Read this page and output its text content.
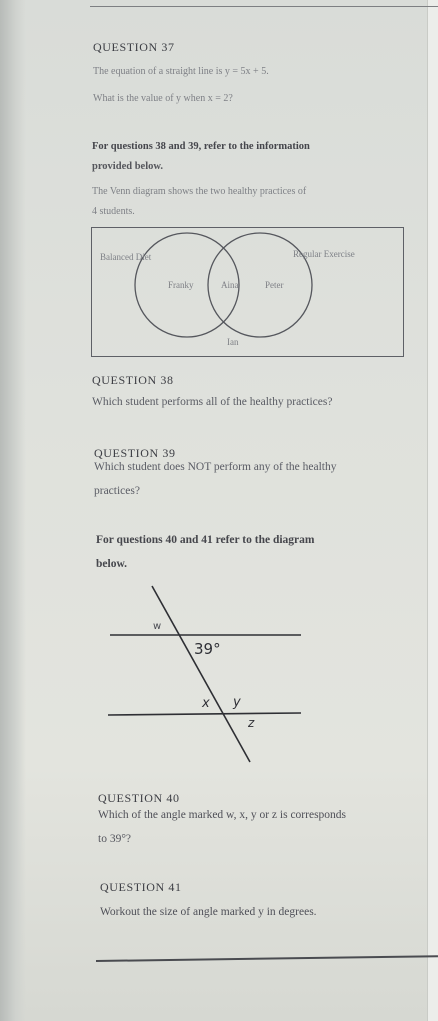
QUESTION 37
The equation of a straight line is y = 5x + 5.
What is the value of y when x = 2?
For questions 38 and 39, refer to the information
provided below.
The Venn diagram shows the two healthy practices of
4 students.
Balanced Diet	Regular Exercise
Franky	Aina	Peter
Ian
QUESTION 38
Which student performs all of the healthy practices?
QUESTION 39
Which student does NOT perform any of the healthy
practices?
For questions 40 and 41 refer to the diagram
below.
w
39°
x y
z
QUESTION 40
Which of the angle marked w, x, y or z is corresponds
to 39°?
QUESTION 41
Workout the size of angle marked y in degrees.
